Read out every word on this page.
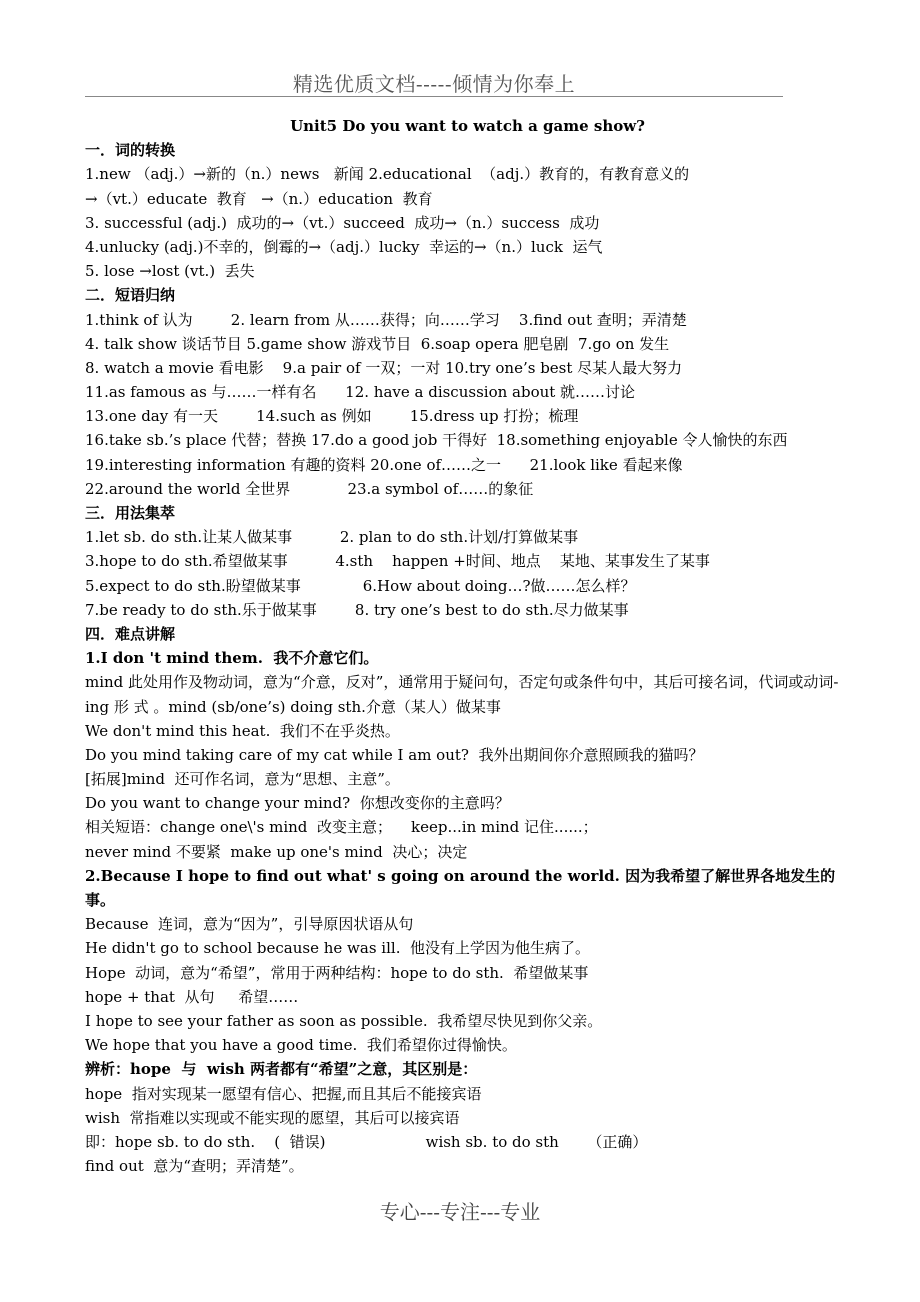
精选优质文档-----倾情为你奉上
Unit5 Do you want to watch a game show?
一．词的转换
1.new （adj.）→新的（n.）news   新闻 2.educational  （adj.）教育的，有教育意义的
→（vt.）educate  教育   →（n.）education  教育
3. successful (adj.)  成功的→（vt.）succeed  成功→（n.）success  成功
4.unlucky (adj.)不幸的，倒霉的→（adj.）lucky  幸运的→（n.）luck  运气
5. lose →lost (vt.)  丢失
二．短语归纳
1.think of 认为        2. learn from 从……获得；向……学习    3.find out 查明；弄清楚
4. talk show 谈话节目 5.game show 游戏节目  6.soap opera 肥皂剧  7.go on 发生
8. watch a movie 看电影    9.a pair of 一双；一对 10.try one’s best 尽某人最大努力
11.as famous as 与……一样有名      12. have a discussion about 就……讨论
13.one day 有一天        14.such as 例如        15.dress up 打扮；梳理
16.take sb.’s place 代替；替换 17.do a good job 干得好  18.something enjoyable 令人愉快的东西
19.interesting information 有趣的资料 20.one of……之一      21.look like 看起来像
22.around the world 全世界            23.a symbol of……的象征
三．用法集萃
1.let sb. do sth.让某人做某事          2. plan to do sth.计划/打算做某事
3.hope to do sth.希望做某事          4.sth    happen +时间、地点    某地、某事发生了某事
5.expect to do sth.盼望做某事             6.How about doing…?做……怎么样？
7.be ready to do sth.乐于做某事        8. try one’s best to do sth.尽力做某事
四．难点讲解
1.I don 't mind them.  我不介意它们。
mind 此处用作及物动词，意为“介意，反对”，通常用于疑问句，否定句或条件句中，其后可接名词，代词或动词-ing 形 式 。mind (sb/one’s) doing sth.介意（某人）做某事
We don't mind this heat.  我们不在乎炎热。
Do you mind taking care of my cat while I am out?  我外出期间你介意照顾我的猫吗？
[拓展]mind  还可作名词，意为“思想、主意”。
Do you want to change your mind?  你想改变你的主意吗？
相关短语：change one\'s mind  改变主意；    keep...in mind 记住......；
never mind 不要紧  make up one's mind  决心；决定
2.Because I hope to find out what' s going on around the world. 因为我希望了解世界各地发生的事。
Because  连词，意为“因为”，引导原因状语从句
He didn't go to school because he was ill.  他没有上学因为他生病了。
Hope  动词，意为“希望”，常用于两种结构：hope to do sth.  希望做某事
hope + that  从句     希望……
I hope to see your father as soon as possible.  我希望尽快见到你父亲。
We hope that you have a good time.  我们希望你过得愉快。
辨析：hope  与  wish 两者都有“希望”之意，其区别是：
hope  指对实现某一愿望有信心、把握,而且其后不能接宾语
wish  常指难以实现或不能实现的愿望，其后可以接宾语
即：hope sb. to do sth.    (  错误)                     wish sb. to do sth      （正确）
find out  意为“查明；弄清楚”。
专心---专注---专业
